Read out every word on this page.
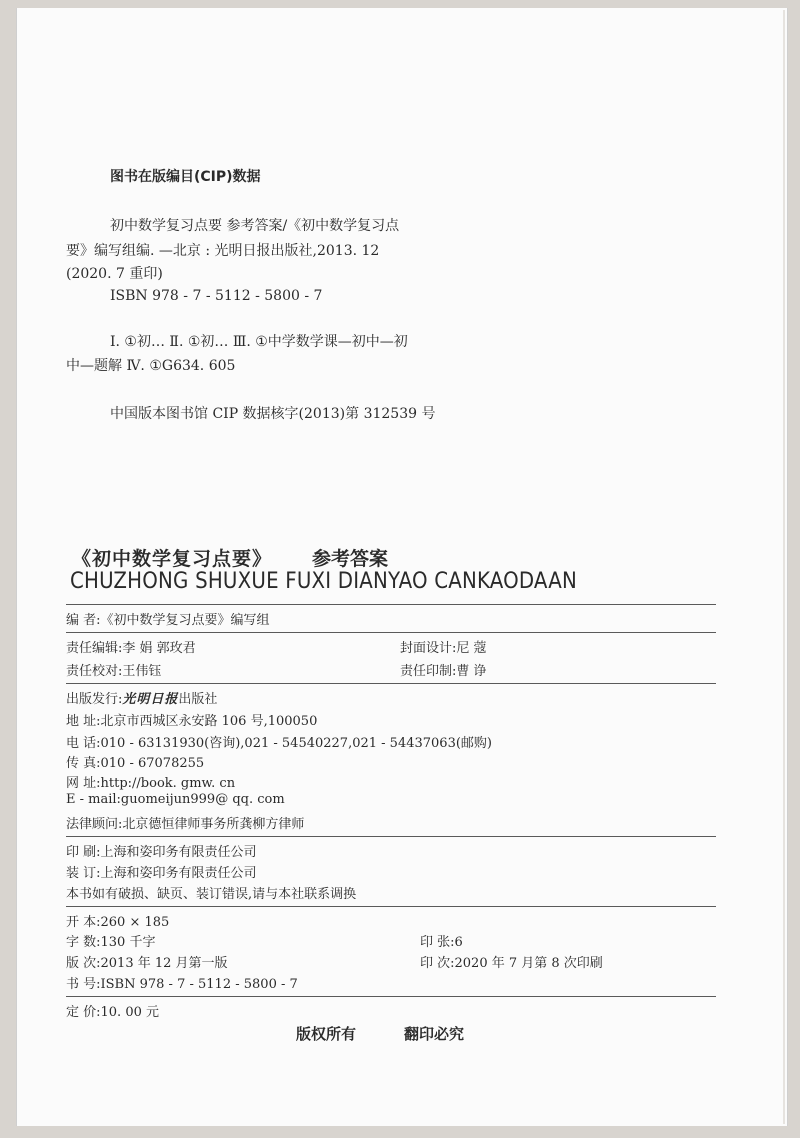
图书在版编目(CIP)数据
初中数学复习点要 参考答案/《初中数学复习点
要》编写组编. —北京 : 光明日报出版社,2013. 12
(2020. 7 重印)
ISBN 978 - 7 - 5112 - 5800 - 7
Ⅰ. ①初… Ⅱ. ①初… Ⅲ. ①中学数学课—初中—初
中—题解 Ⅳ. ①G634. 605
中国版本图书馆 CIP 数据核字(2013)第 312539 号
《初中数学复习点要》 参考答案
CHUZHONG SHUXUE FUXI DIANYAO CANKAODAAN
编 者:《初中数学复习点要》编写组
责任编辑:李 娟 郭玫君	封面设计:尼 蔻
责任校对:王伟钰	责任印制:曹 诤
出版发行:光明日报出版社
地 址:北京市西城区永安路 106 号,100050
电 话:010 - 63131930(咨询),021 - 54540227,021 - 54437063(邮购)
传 真:010 - 67078255
网 址:http://book. gmw. cn
E - mail:guomeijun999@ qq. com
法律顾问:北京德恒律师事务所龚柳方律师
印 刷:上海和姿印务有限责任公司
装 订:上海和姿印务有限责任公司
本书如有破损、缺页、装订错误,请与本社联系调换
开 本:260 × 185
字 数:130 千字	印 张:6
版 次:2013 年 12 月第一版	印 次:2020 年 7 月第 8 次印刷
书 号:ISBN 978 - 7 - 5112 - 5800 - 7
定 价:10. 00 元
版权所有	翻印必究
